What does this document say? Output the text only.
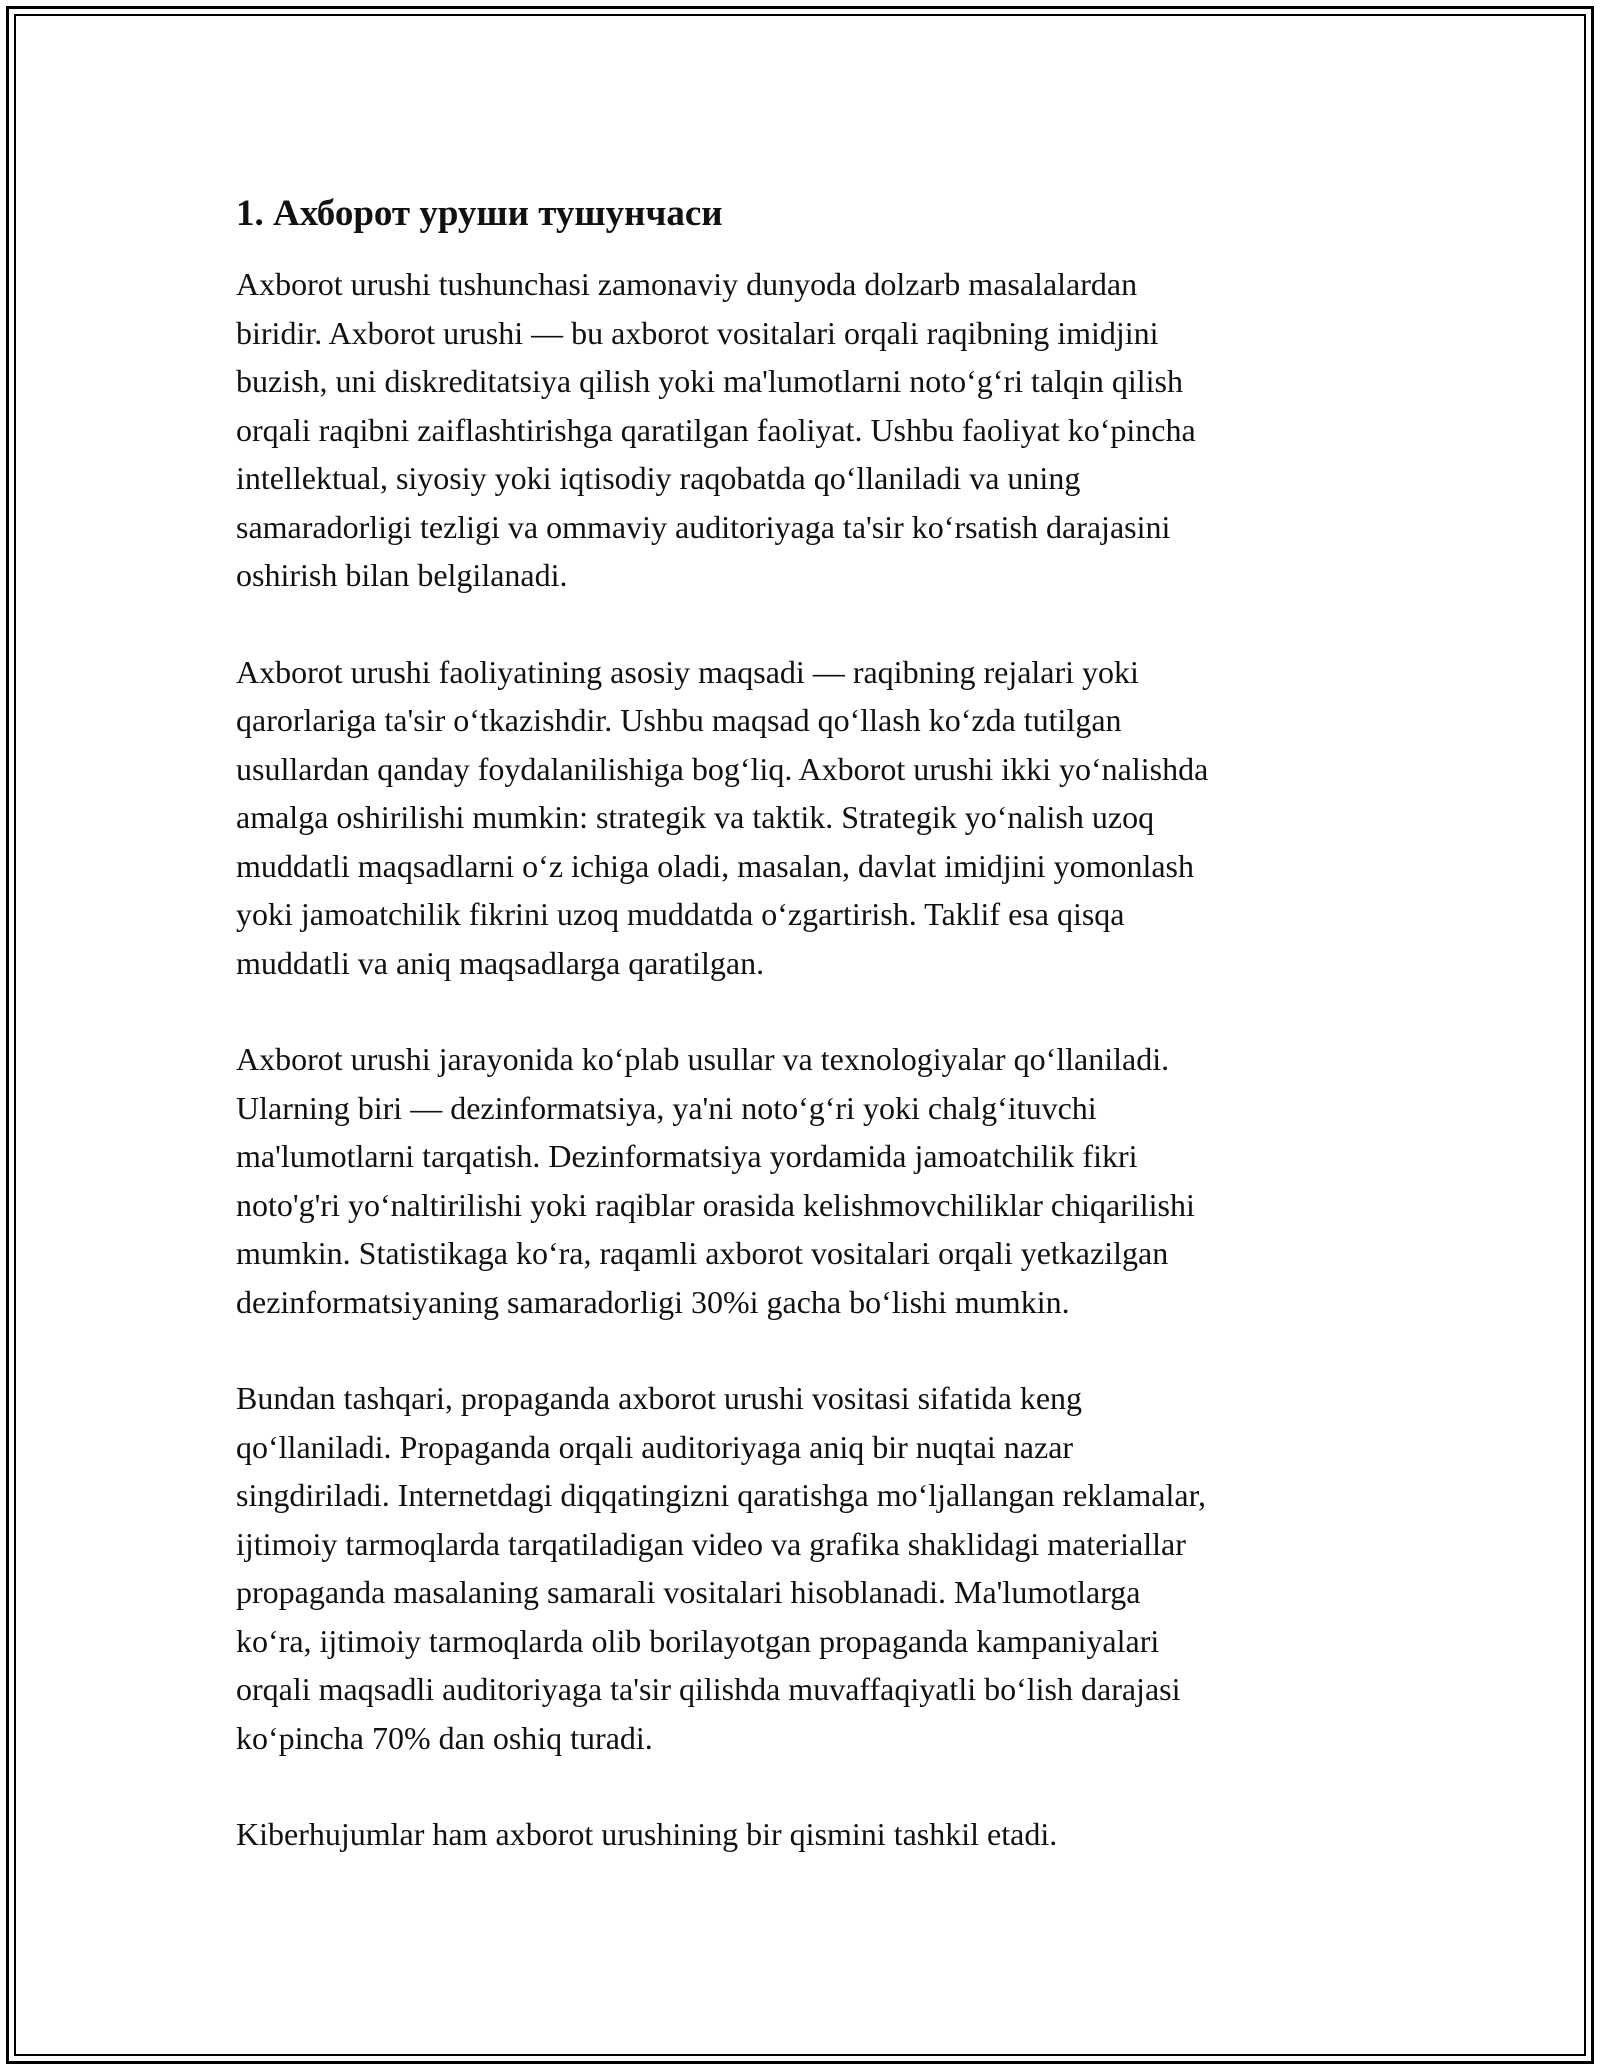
1. Ахборот уруши тушунчаси

Axborot urushi tushunchasi zamonaviy dunyoda dolzarb masalalardan
biridir. Axborot urushi — bu axborot vositalari orqali raqibning imidjini
buzish, uni diskreditatsiya qilish yoki ma'lumotlarni noto‘g‘ri talqin qilish
orqali raqibni zaiflashtirishga qaratilgan faoliyat. Ushbu faoliyat ko‘pincha
intellektual, siyosiy yoki iqtisodiy raqobatda qo‘llaniladi va uning
samaradorligi tezligi va ommaviy auditoriyaga ta'sir ko‘rsatish darajasini
oshirish bilan belgilanadi.

Axborot urushi faoliyatining asosiy maqsadi — raqibning rejalari yoki
qarorlariga ta'sir o‘tkazishdir. Ushbu maqsad qo‘llash ko‘zda tutilgan
usullardan qanday foydalanilishiga bog‘liq. Axborot urushi ikki yo‘nalishda
amalga oshirilishi mumkin: strategik va taktik. Strategik yo‘nalish uzoq
muddatli maqsadlarni o‘z ichiga oladi, masalan, davlat imidjini yomonlash
yoki jamoatchilik fikrini uzoq muddatda o‘zgartirish. Taklif esa qisqa
muddatli va aniq maqsadlarga qaratilgan.

Axborot urushi jarayonida ko‘plab usullar va texnologiyalar qo‘llaniladi.
Ularning biri — dezinformatsiya, ya'ni noto‘g‘ri yoki chalg‘ituvchi
ma'lumotlarni tarqatish. Dezinformatsiya yordamida jamoatchilik fikri
noto'g'ri yo‘naltirilishi yoki raqiblar orasida kelishmovchiliklar chiqarilishi
mumkin. Statistikaga ko‘ra, raqamli axborot vositalari orqali yetkazilgan
dezinformatsiyaning samaradorligi 30%i gacha bo‘lishi mumkin.

Bundan tashqari, propaganda axborot urushi vositasi sifatida keng
qo‘llaniladi. Propaganda orqali auditoriyaga aniq bir nuqtai nazar
singdiriladi. Internetdagi diqqatingizni qaratishga mo‘ljallangan reklamalar,
ijtimoiy tarmoqlarda tarqatiladigan video va grafika shaklidagi materiallar
propaganda masalaning samarali vositalari hisoblanadi. Ma'lumotlarga
ko‘ra, ijtimoiy tarmoqlarda olib borilayotgan propaganda kampaniyalari
orqali maqsadli auditoriyaga ta'sir qilishda muvaffaqiyatli bo‘lish darajasi
ko‘pincha 70% dan oshiq turadi.

Kiberhujumlar ham axborot urushining bir qismini tashkil etadi.
